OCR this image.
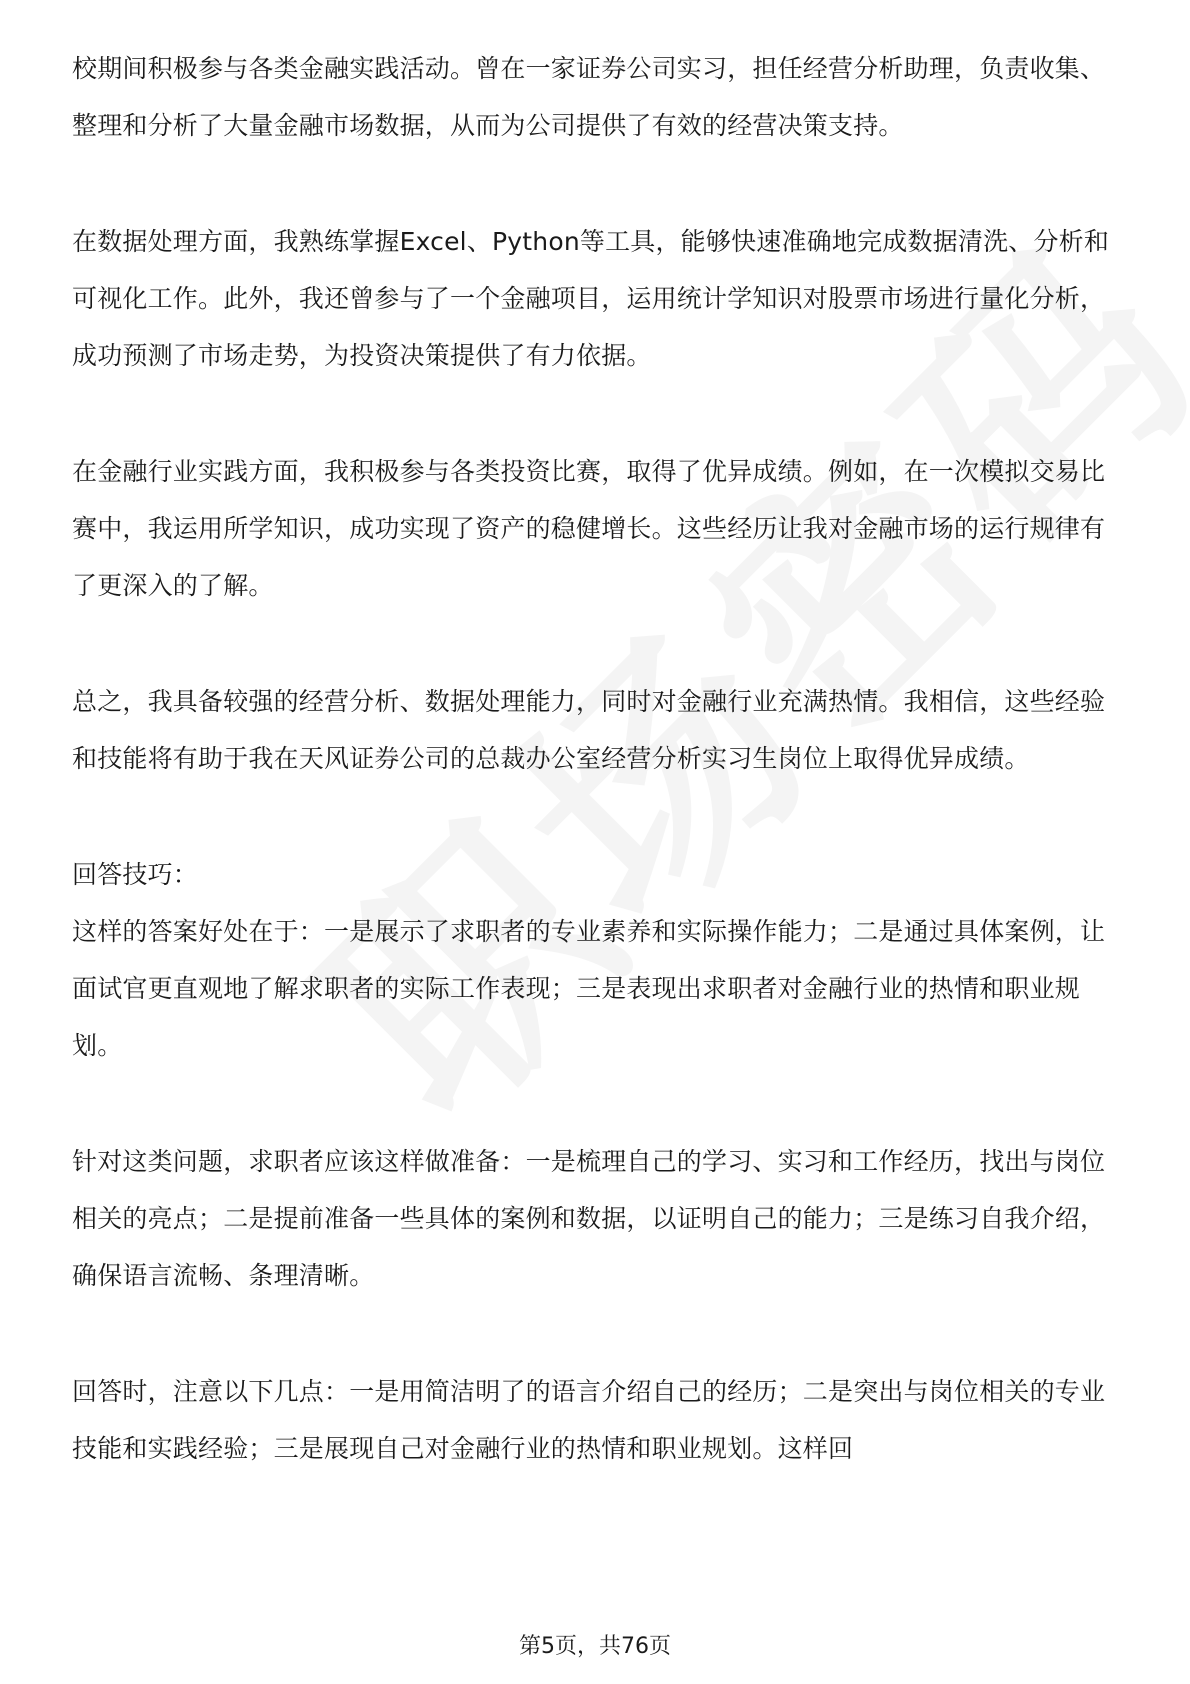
校期间积极参与各类金融实践活动。曾在一家证券公司实习，担任经营分析助理，负责收集、整理和分析了大量金融市场数据，从而为公司提供了有效的经营决策支持。

在数据处理方面，我熟练掌握Excel、Python等工具，能够快速准确地完成数据清洗、分析和可视化工作。此外，我还曾参与了一个金融项目，运用统计学知识对股票市场进行量化分析，成功预测了市场走势，为投资决策提供了有力依据。

在金融行业实践方面，我积极参与各类投资比赛，取得了优异成绩。例如，在一次模拟交易比赛中，我运用所学知识，成功实现了资产的稳健增长。这些经历让我对金融市场的运行规律有了更深入的了解。

总之，我具备较强的经营分析、数据处理能力，同时对金融行业充满热情。我相信，这些经验和技能将有助于我在天风证券公司的总裁办公室经营分析实习生岗位上取得优异成绩。

回答技巧：

这样的答案好处在于：一是展示了求职者的专业素养和实际操作能力；二是通过具体案例，让面试官更直观地了解求职者的实际工作表现；三是表现出求职者对金融行业的热情和职业规划。

针对这类问题，求职者应该这样做准备：一是梳理自己的学习、实习和工作经历，找出与岗位相关的亮点；二是提前准备一些具体的案例和数据，以证明自己的能力；三是练习自我介绍，确保语言流畅、条理清晰。

回答时，注意以下几点：一是用简洁明了的语言介绍自己的经历；二是突出与岗位相关的专业技能和实践经验；三是展现自己对金融行业的热情和职业规划。这样回

第5页，共76页
